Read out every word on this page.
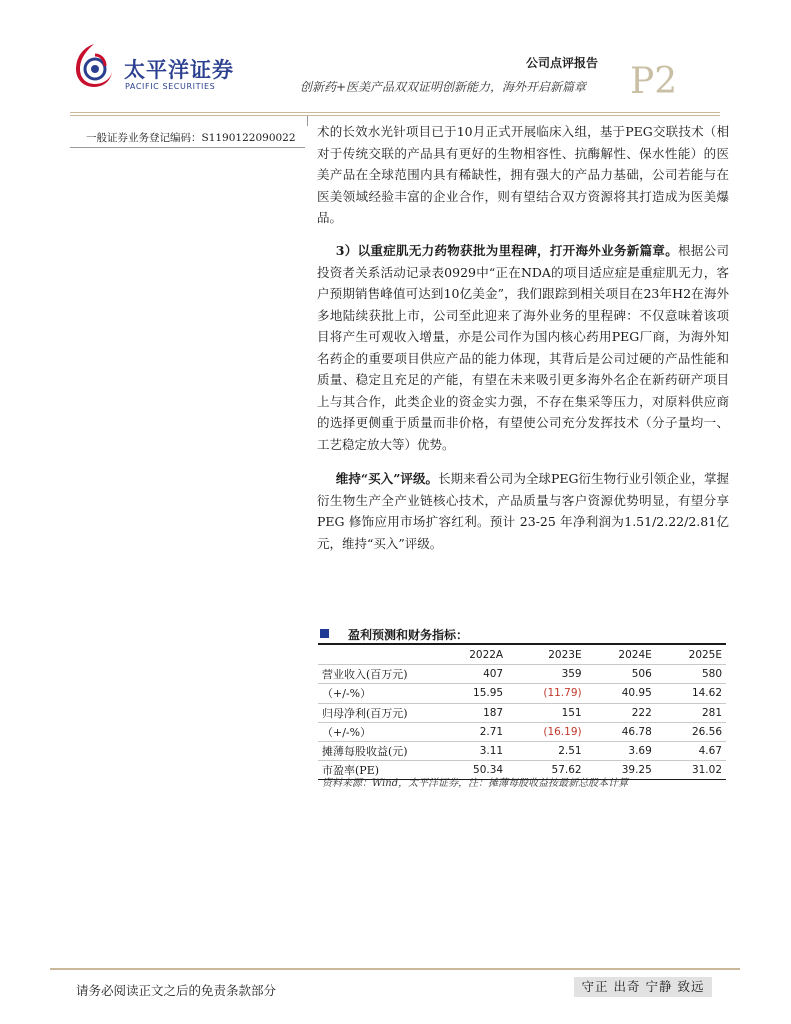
太平洋证券
PACIFIC SECURITIES
公司点评报告
创新药+医美产品双双证明创新能力，海外开启新篇章 P2
一般证券业务登记编码：S1190122090022 术的长效水光针项目已于10月正式开展临床入组，基于PEG交联技术（相对于传统交联的产品具有更好的生物相容性、抗酶解性、保水性能）的医美产品在全球范围内具有稀缺性，拥有强大的产品力基础，公司若能与在医美领域经验丰富的企业合作，则有望结合双方资源将其打造成为医美爆品。

  3）以重症肌无力药物获批为里程碑，打开海外业务新篇章。根据公司投资者关系活动记录表0929中“正在NDA的项目适应症是重症肌无力，客户预期销售峰值可达到10亿美金”，我们跟踪到相关项目在23年H2在海外多地陆续获批上市，公司至此迎来了海外业务的里程碑：不仅意味着该项目将产生可观收入增量，亦是公司作为国内核心药用PEG厂商，为海外知名药企的重要项目供应产品的能力体现，其背后是公司过硬的产品性能和质量、稳定且充足的产能，有望在未来吸引更多海外名企在新药研产项目上与其合作，此类企业的资金实力强，不存在集采等压力，对原料供应商的选择更侧重于质量而非价格，有望使公司充分发挥技术（分子量均一、工艺稳定放大等）优势。

  维持“买入”评级。长期来看公司为全球PEG衍生物行业引领企业，掌握衍生物生产全产业链核心技术，产品质量与客户资源优势明显，有望分享 PEG 修饰应用市场扩容红利。预计 23-25 年净利润为1.51/2.22/2.81亿元，维持“买入”评级。

盈利预测和财务指标：
	2022A	2023E	2024E	2025E
营业收入(百万元)	407	359	506	580
（+/-%）	15.95	(11.79)	40.95	14.62
归母净利(百万元)	187	151	222	281
（+/-%）	2.71	(16.19)	46.78	26.56
摊薄每股收益(元)	3.11	2.51	3.69	4.67
市盈率(PE)	50.34	57.62	39.25	31.02
资料来源：Wind，太平洋证券，注：摊薄每股收益按最新总股本计算
请务必阅读正文之后的免责条款部分	守正 出奇 宁静 致远
